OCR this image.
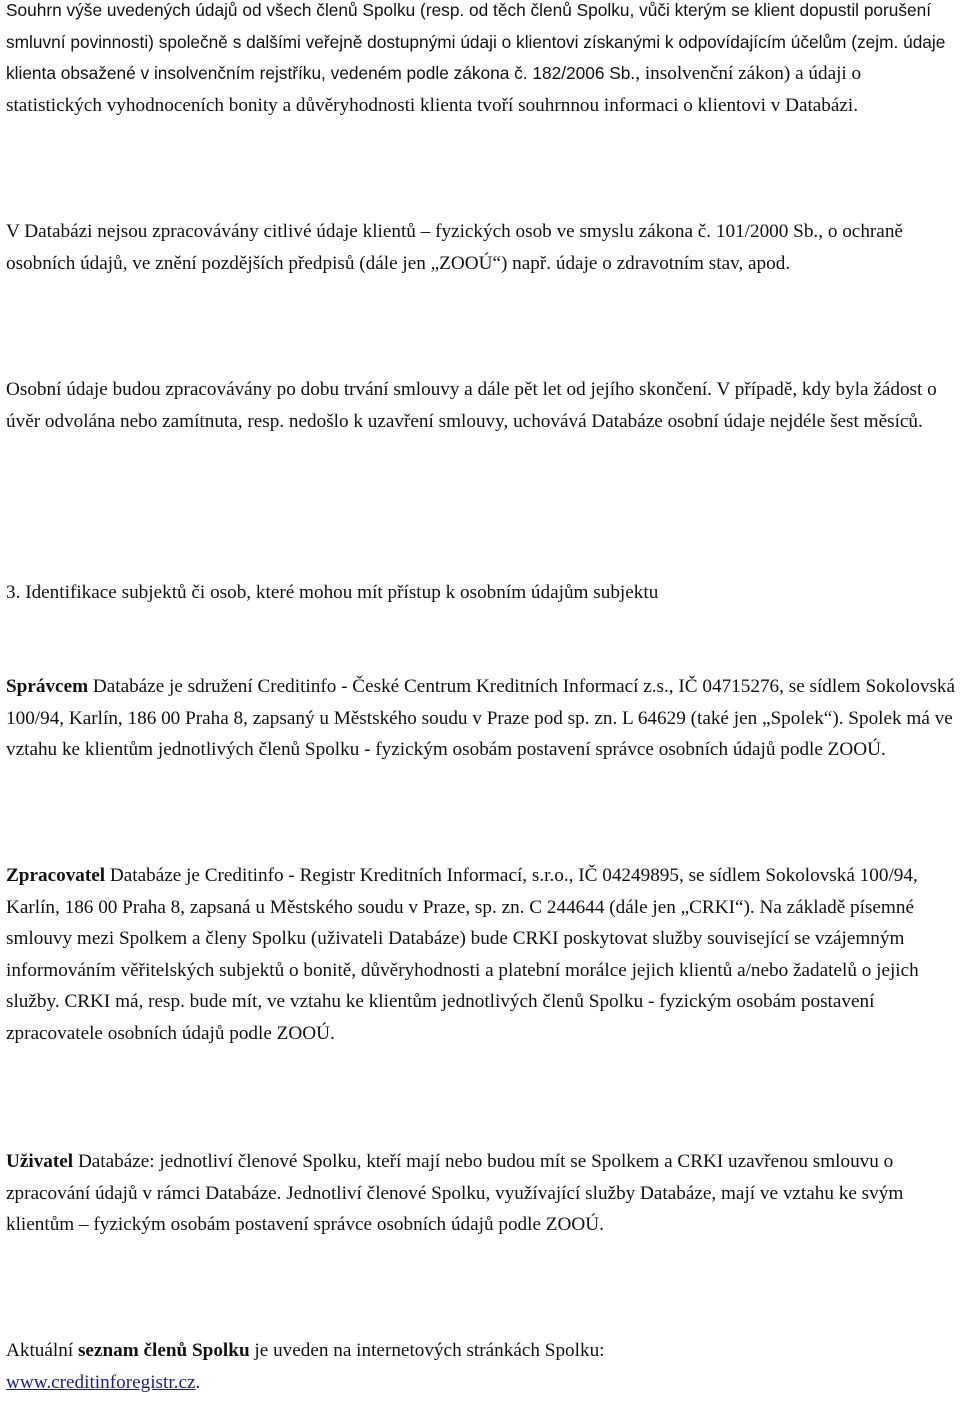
Souhrn výše uvedených údajů od všech členů Spolku (resp. od těch členů Spolku, vůči kterým se klient dopustil porušení smluvní povinnosti) společně s dalšími veřejně dostupnými údaji o klientovi získanými k odpovídajícím účelům (zejm. údaje klienta obsažené v insolvenčním rejstříku, vedeném podle zákona č. 182/2006 Sb., insolvenční zákon) a údaji o statistických vyhodnoceních bonity a důvěryhodnosti klienta tvoří souhrnnou informaci o klientovi v Databázi.

V Databázi nejsou zpracovávány citlivé údaje klientů – fyzických osob ve smyslu zákona č. 101/2000 Sb., o ochraně osobních údajů, ve znění pozdějších předpisů (dále jen „ZOOÚ“) např. údaje o zdravotním stav, apod.

Osobní údaje budou zpracovávány po dobu trvání smlouvy a dále pět let od jejího skončení. V případě, kdy byla žádost o úvěr odvolána nebo zamítnuta, resp. nedošlo k uzavření smlouvy, uchovává Databáze osobní údaje nejdéle šest měsíců.

3. Identifikace subjektů či osob, které mohou mít přístup k osobním údajům subjektu

Správcem Databáze je sdružení Creditinfo - České Centrum Kreditních Informací z.s., IČ 04715276, se sídlem Sokolovská 100/94, Karlín, 186 00 Praha 8, zapsaný u Městského soudu v Praze pod sp. zn. L 64629 (také jen „Spolek“). Spolek má ve vztahu ke klientům jednotlivých členů Spolku - fyzickým osobám postavení správce osobních údajů podle ZOOÚ.

Zpracovatel Databáze je Creditinfo - Registr Kreditních Informací, s.r.o., IČ 04249895, se sídlem Sokolovská 100/94, Karlín, 186 00 Praha 8, zapsaná u Městského soudu v Praze, sp. zn. C 244644 (dále jen „CRKI“). Na základě písemné smlouvy mezi Spolkem a členy Spolku (uživateli Databáze) bude CRKI poskytovat služby související se vzájemným informováním věřitelských subjektů o bonitě, důvěryhodnosti a platební morálce jejich klientů a/nebo žadatelů o jejich služby. CRKI má, resp. bude mít, ve vztahu ke klientům jednotlivých členů Spolku - fyzickým osobám postavení zpracovatele osobních údajů podle ZOOÚ.

Uživatel Databáze: jednotliví členové Spolku, kteří mají nebo budou mít se Spolkem a CRKI uzavřenou smlouvu o zpracování údajů v rámci Databáze. Jednotliví členové Spolku, využívající služby Databáze, mají ve vztahu ke svým klientům – fyzickým osobám postavení správce osobních údajů podle ZOOÚ.

Aktuální seznam členů Spolku je uveden na internetových stránkách Spolku:
www.creditinforegistr.cz.
